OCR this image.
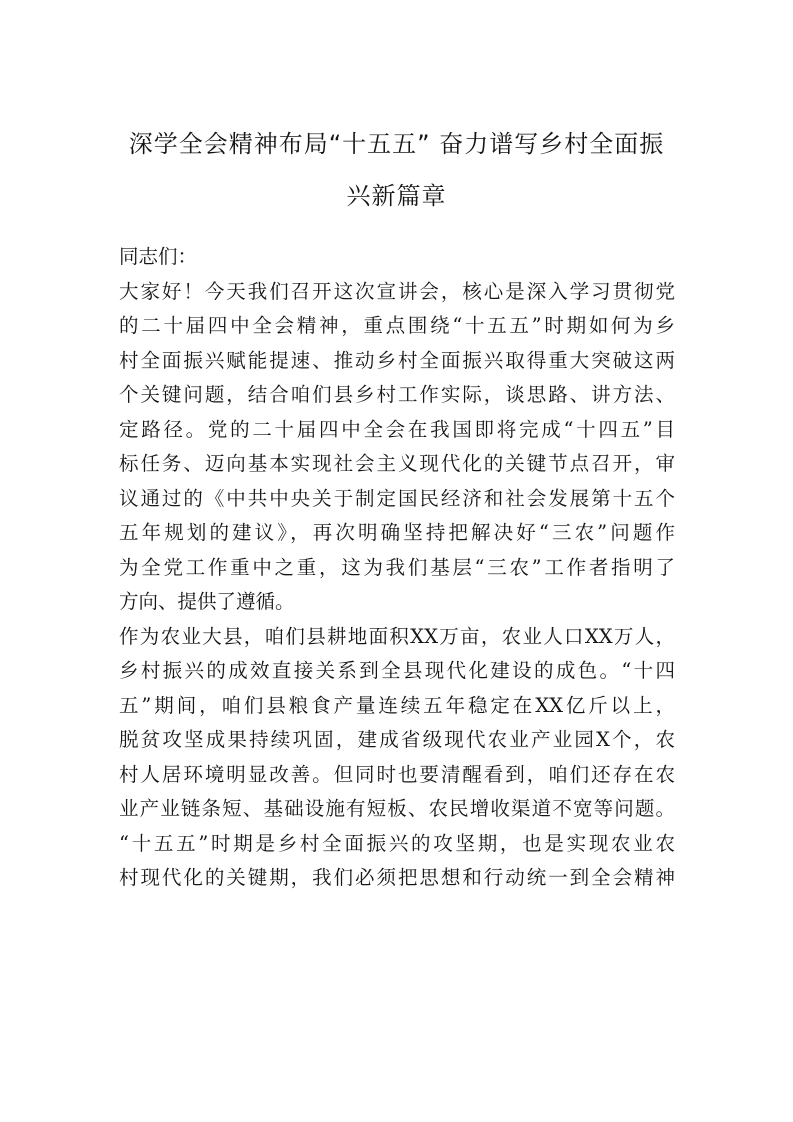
深学全会精神布局“十五五” 奋力谱写乡村全面振
兴新篇章
同志们：
大家好！今天我们召开这次宣讲会，核心是深入学习贯彻党
的二十届四中全会精神，重点围绕“十五五”时期如何为乡
村全面振兴赋能提速、推动乡村全面振兴取得重大突破这两
个关键问题，结合咱们县乡村工作实际，谈思路、讲方法、
定路径。党的二十届四中全会在我国即将完成“十四五”目
标任务、迈向基本实现社会主义现代化的关键节点召开，审
议通过的《中共中央关于制定国民经济和社会发展第十五个
五年规划的建议》，再次明确坚持把解决好“三农”问题作
为全党工作重中之重，这为我们基层“三农”工作者指明了
方向、提供了遵循。
作为农业大县，咱们县耕地面积XX万亩，农业人口XX万人，
乡村振兴的成效直接关系到全县现代化建设的成色。“十四
五”期间，咱们县粮食产量连续五年稳定在XX亿斤以上，
脱贫攻坚成果持续巩固，建成省级现代农业产业园X个，农
村人居环境明显改善。但同时也要清醒看到，咱们还存在农
业产业链条短、基础设施有短板、农民增收渠道不宽等问题。
“十五五”时期是乡村全面振兴的攻坚期，也是实现农业农
村现代化的关键期，我们必须把思想和行动统一到全会精神
